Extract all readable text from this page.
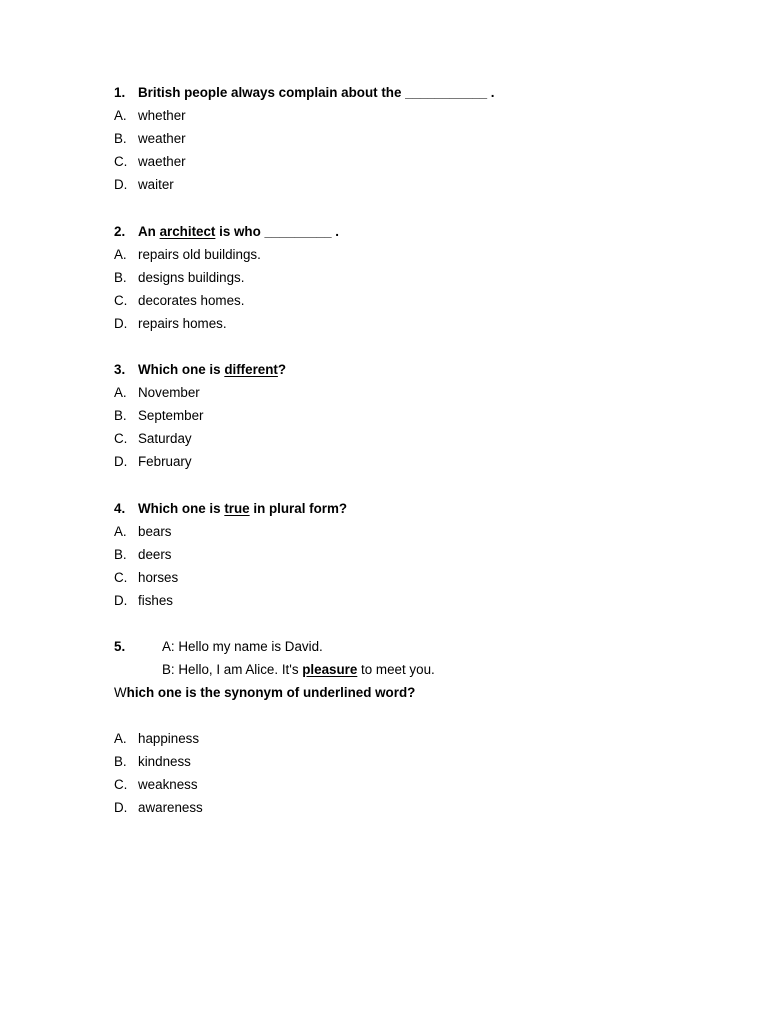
1.

British people always complain about the ___________ .

A.

whether

B.

weather

C.

waether

D.

waiter

2.

An architect is who _________ .

A.

repairs old buildings.

B.

designs buildings.

C.

decorates homes.

D.

repairs homes.

3.

Which one is different?

A.

November

B.

September

C.

Saturday

D.

February

4.

Which one is true in plural form?

A.

bears

B.

deers

C.

horses

D.

fishes

5.

	A: Hello my name is David.
B: Hello, I am Alice. It's pleasure to meet you.
Which one is the synonym of underlined word?

A.

happiness

B.

kindness

C.

weakness

D.

awareness
